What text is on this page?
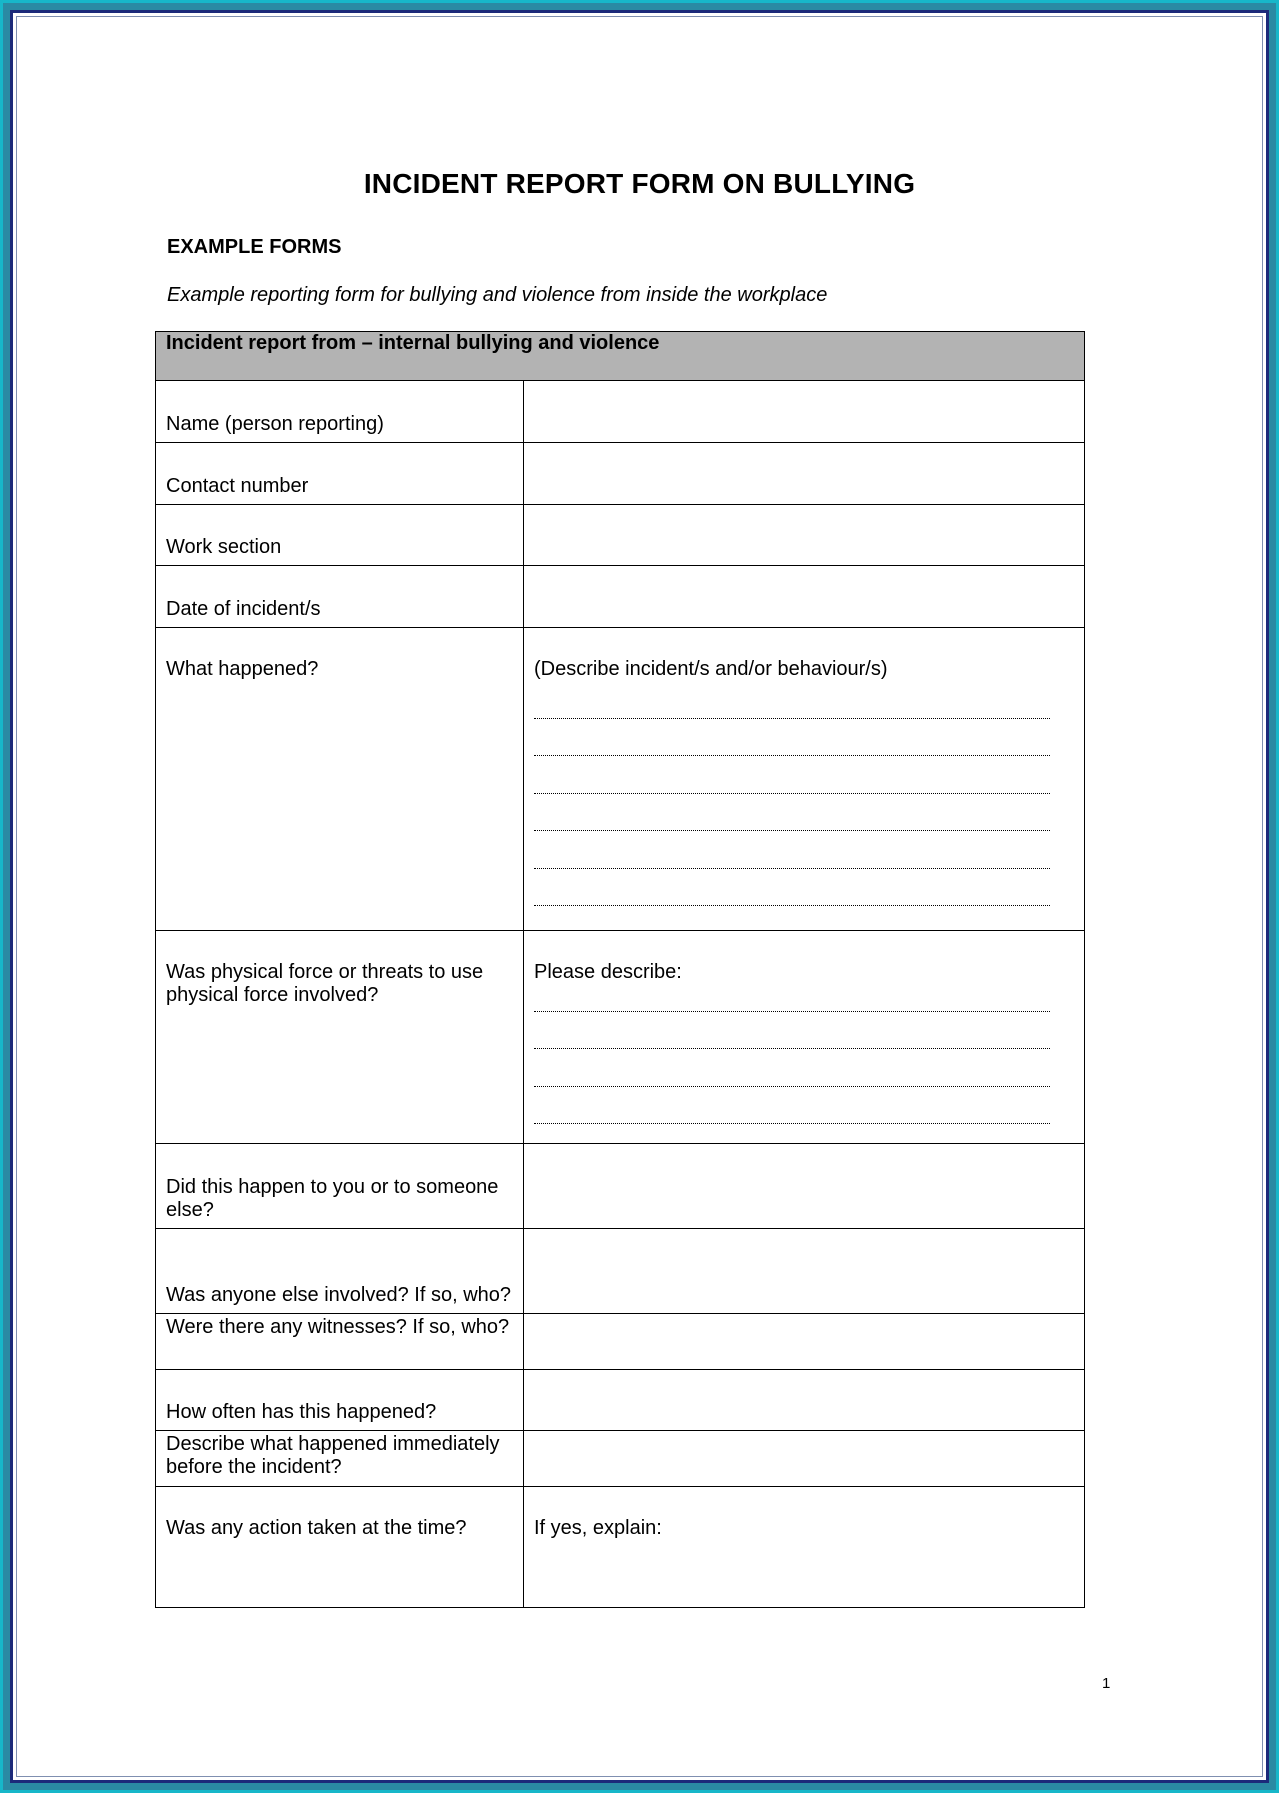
INCIDENT REPORT FORM ON BULLYING
EXAMPLE FORMS
Example reporting form for bullying and violence from inside the workplace
Incident report from – internal bullying and violence	
Name (person reporting)	
Contact number	
Work section	
Date of incident/s	
What happened?	(Describe incident/s and/or behaviour/s)

Was physical force or threats to use physical force involved?	Please describe:

Did this happen to you or to someone else?	
Was anyone else involved? If so, who?	
Were there any witnesses? If so, who?	
How often has this happened?	
Describe what happened immediately before the incident?	
Was any action taken at the time?	If yes, explain:
1
